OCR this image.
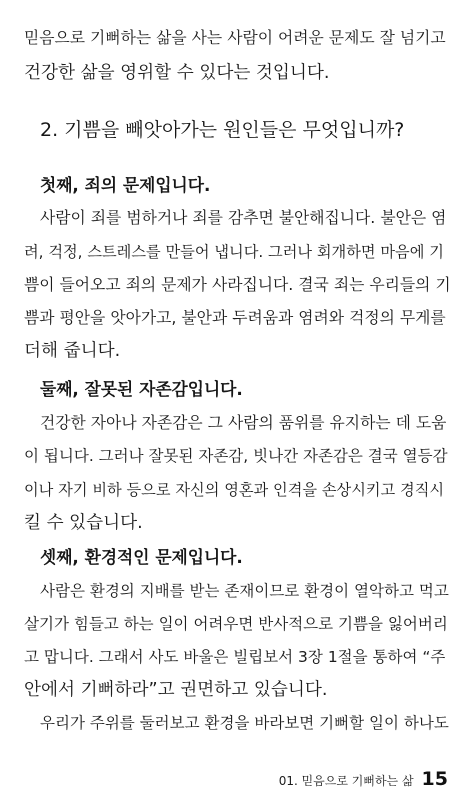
믿음으로 기뻐하는 삶을 사는 사람이 어려운 문제도 잘 넘기고
건강한 삶을 영위할 수 있다는 것입니다.
2. 기쁨을 빼앗아가는 원인들은 무엇입니까?
첫째, 죄의 문제입니다.
사람이 죄를 범하거나 죄를 감추면 불안해집니다. 불안은 염
려, 걱정, 스트레스를 만들어 냅니다. 그러나 회개하면 마음에 기
쁨이 들어오고 죄의 문제가 사라집니다. 결국 죄는 우리들의 기
쁨과 평안을 앗아가고, 불안과 두려움과 염려와 걱정의 무게를
더해 줍니다.
둘째, 잘못된 자존감입니다.
건강한 자아나 자존감은 그 사람의 품위를 유지하는 데 도움
이 됩니다. 그러나 잘못된 자존감, 빗나간 자존감은 결국 열등감
이나 자기 비하 등으로 자신의 영혼과 인격을 손상시키고 경직시
킬 수 있습니다.
셋째, 환경적인 문제입니다.
사람은 환경의 지배를 받는 존재이므로 환경이 열악하고 먹고
살기가 힘들고 하는 일이 어려우면 반사적으로 기쁨을 잃어버리
고 맙니다. 그래서 사도 바울은 빌립보서 3장 1절을 통하여 “주
안에서 기뻐하라”고 권면하고 있습니다.
우리가 주위를 둘러보고 환경을 바라보면 기뻐할 일이 하나도
01. 믿음으로 기뻐하는 삶 15
